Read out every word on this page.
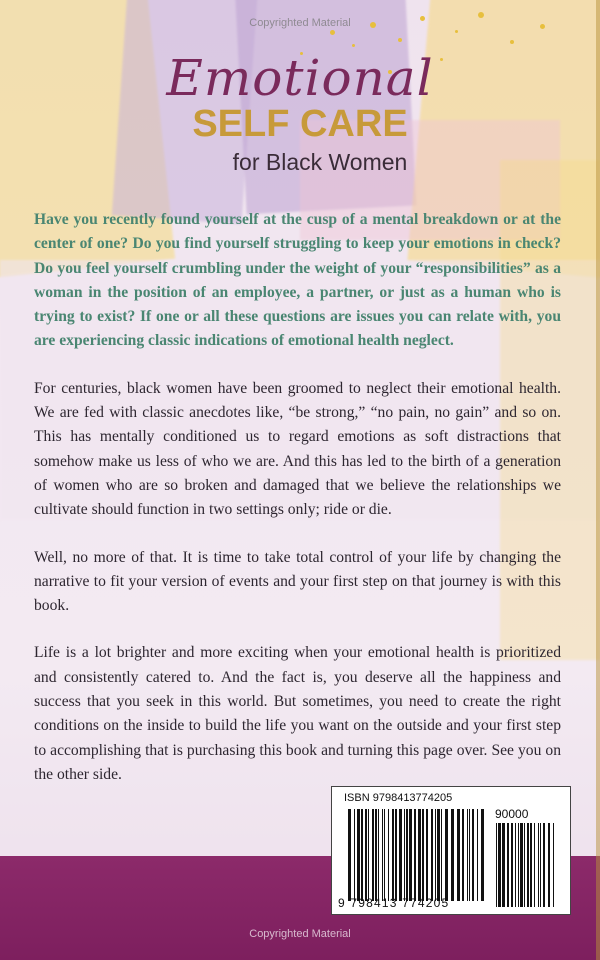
Copyrighted Material
Emotional
SELF CARE
for Black Women

Have you recently found yourself at the cusp of a mental breakdown or at the center of one? Do you find yourself struggling to keep your emotions in check? Do you feel yourself crumbling under the weight of your “responsibilities” as a woman in the position of an employee, a partner, or just as a human who is trying to exist? If one or all these questions are issues you can relate with, you are experiencing classic indications of emotional health neglect.

For centuries, black women have been groomed to neglect their emotional health. We are fed with classic anecdotes like, “be strong,” “no pain, no gain” and so on. This has mentally conditioned us to regard emotions as soft distractions that somehow make us less of who we are. And this has led to the birth of a generation of women who are so broken and damaged that we believe the relationships we cultivate should function in two settings only; ride or die.

Well, no more of that. It is time to take total control of your life by changing the narrative to fit your version of events and your first step on that journey is with this book.

Life is a lot brighter and more exciting when your emotional health is prioritized and consistently catered to. And the fact is, you deserve all the happiness and success that you seek in this world. But sometimes, you need to create the right conditions on the inside to build the life you want on the outside and your first step to accomplishing that is purchasing this book and turning this page over. See you on the other side.

ISBN 9798413774205
90000
9 798413 774205
Copyrighted Material
